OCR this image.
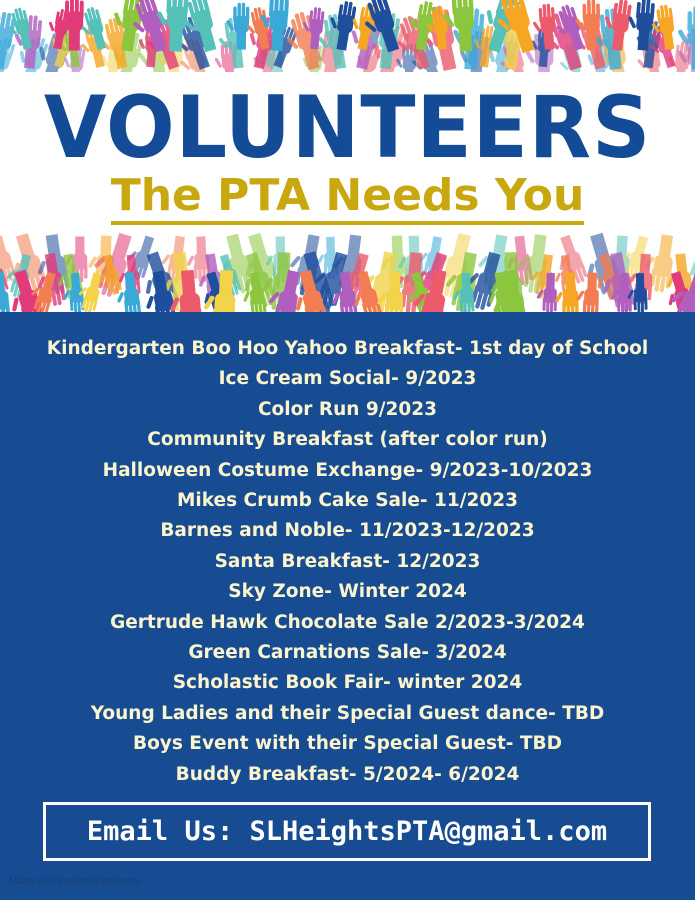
VOLUNTEERS
The PTA Needs You
Kindergarten Boo Hoo Yahoo Breakfast- 1st day of School
Ice Cream Social- 9/2023
Color Run 9/2023
Community Breakfast (after color run)
Halloween Costume Exchange- 9/2023-10/2023
Mikes Crumb Cake Sale- 11/2023
Barnes and Noble- 11/2023-12/2023
Santa Breakfast- 12/2023
Sky Zone- Winter 2024
Gertrude Hawk Chocolate Sale 2/2023-3/2024
Green Carnations Sale- 3/2024
Scholastic Book Fair- winter 2024
Young Ladies and their Special Guest dance- TBD
Boys Event with their Special Guest- TBD
Buddy Breakfast- 5/2024- 6/2024
Email Us: SLHeightsPTA@gmail.com
Made with PosterMyWall.com
